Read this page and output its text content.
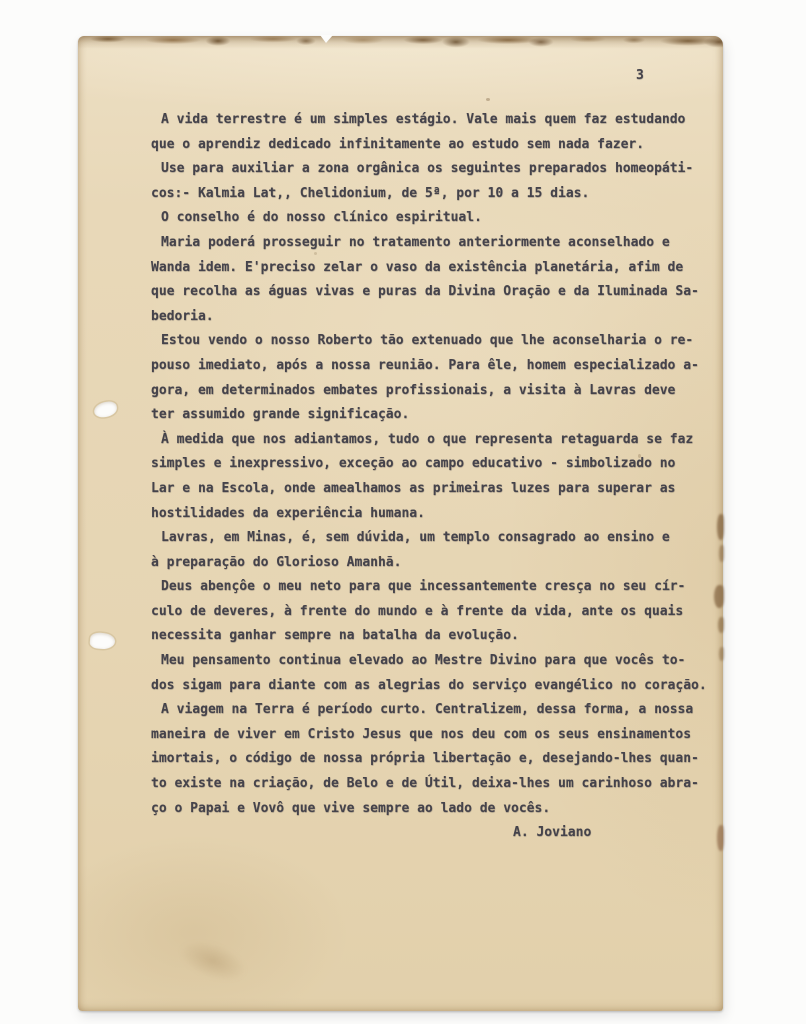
3
A vida terrestre é um simples estágio. Vale mais quem faz estudando
que o aprendiz dedicado infinitamente ao estudo sem nada fazer.
Use para auxiliar a zona orgânica os seguintes preparados homeopáti-
cos:- Kalmia Lat,, Chelidonium, de 5ª, por 10 a 15 dias.
O conselho é do nosso clínico espiritual.
Maria poderá prosseguir no tratamento anteriormente aconselhado e
Wanda idem. E'preciso zelar o vaso da existência planetária, afim de
que recolha as águas vivas e puras da Divina Oração e da Iluminada Sa-
bedoria.
Estou vendo o nosso Roberto tão extenuado que lhe aconselharia o re-
pouso imediato, após a nossa reunião. Para êle, homem especializado a-
gora, em determinados embates profissionais, a visita à Lavras deve
ter assumido grande significação.
À medida que nos adiantamos, tudo o que representa retaguarda se faz
simples e inexpressivo, exceção ao campo educativo - simbolizado no
Lar e na Escola, onde amealhamos as primeiras luzes para superar as
hostilidades da experiência humana.
Lavras, em Minas, é, sem dúvida, um templo consagrado ao ensino e
à preparação do Glorioso Amanhã.
Deus abençôe o meu neto para que incessantemente cresça no seu cír-
culo de deveres, à frente do mundo e à frente da vida, ante os quais
necessita ganhar sempre na batalha da evolução.
Meu pensamento continua elevado ao Mestre Divino para que vocês to-
dos sigam para diante com as alegrias do serviço evangélico no coração.
A viagem na Terra é período curto. Centralizem, dessa forma, a nossa
maneira de viver em Cristo Jesus que nos deu com os seus ensinamentos
imortais, o código de nossa própria libertação e, desejando-lhes quan-
to existe na criação, de Belo e de Útil, deixa-lhes um carinhoso abra-
ço o Papai e Vovô que vive sempre ao lado de vocês.
A. Joviano
